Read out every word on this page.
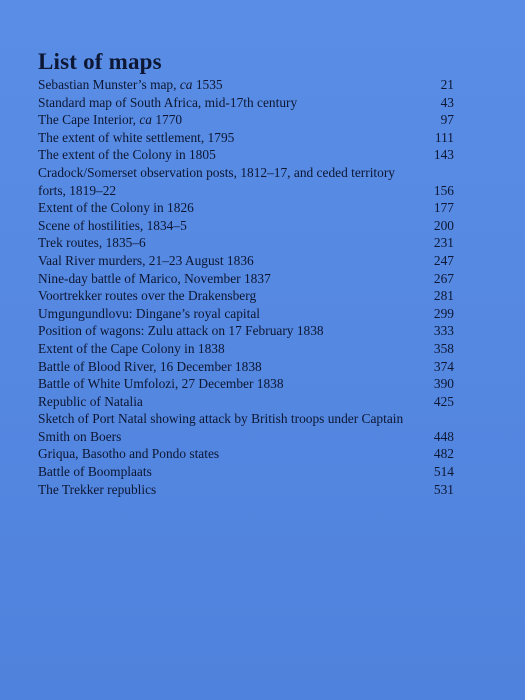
List of maps
Sebastian Munster’s map, ca 1535	21
Standard map of South Africa, mid-17th century	43
The Cape Interior, ca 1770	97
The extent of white settlement, 1795	111
The extent of the Colony in 1805	143
Cradock/Somerset observation posts, 1812–17, and ceded territory
forts, 1819–22	156
Extent of the Colony in 1826	177
Scene of hostilities, 1834–5	200
Trek routes, 1835–6	231
Vaal River murders, 21–23 August 1836	247
Nine-day battle of Marico, November 1837	267
Voortrekker routes over the Drakensberg	281
Umgungundlovu: Dingane’s royal capital	299
Position of wagons: Zulu attack on 17 February 1838	333
Extent of the Cape Colony in 1838	358
Battle of Blood River, 16 December 1838	374
Battle of White Umfolozi, 27 December 1838	390
Republic of Natalia	425
Sketch of Port Natal showing attack by British troops under Captain
Smith on Boers	448
Griqua, Basotho and Pondo states	482
Battle of Boomplaats	514
The Trekker republics	531
